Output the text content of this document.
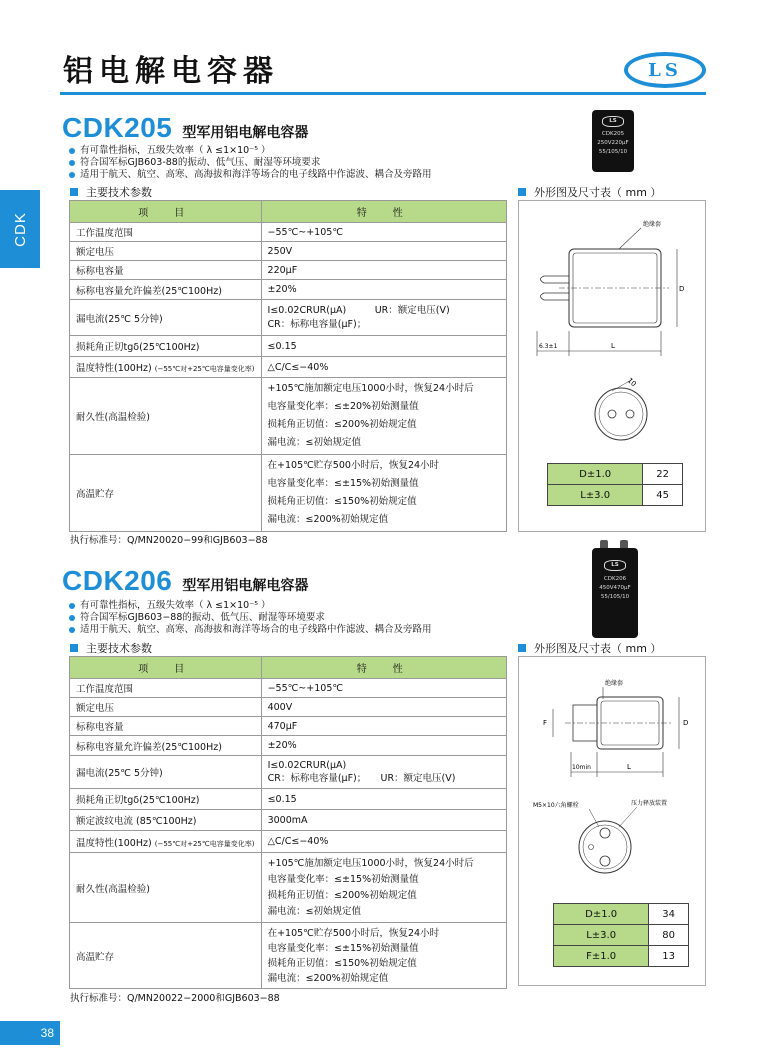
铝电解电容器	LS
CDK
38
CDK205 型军用铝电解电容器
有可靠性指标，五级失效率（ λ ≤1×10⁻⁵ ）
符合国军标GJB603-88的振动、低气压、耐湿等环境要求
适用于航天、航空、高寒、高海拔和海洋等场合的电子线路中作滤波、耦合及旁路用
主要技术参数	外形图及尺寸表（ mm ）
LS
CDK205
250V220μF
55/105/10
项　目	特　性
工作温度范围	−55℃~+105℃
额定电压	250V
标称电容量	220μF
标称电容量允许偏差(25℃100Hz)	±20%
漏电流(25℃ 5分钟)	I≤0.02CRUR(μA)　　　UR：额定电压(V)
CR：标称电容量(μF)；

损耗角正切tgδ(25℃100Hz)	≤0.15
温度特性(100Hz) (−55℃对+25℃电容量变化率)	△C/C≤−40%
耐久性(高温检验)	+105℃施加额定电压1000小时，恢复24小时后
电容量变化率：≤±20%初始测量值
损耗角正切值：≤200%初始规定值
漏电流：≤初始规定值

高温贮存	在+105℃贮存500小时后，恢复24小时
电容量变化率：≤±15%初始测量值
损耗角正切值：≤150%初始规定值
漏电流：≤200%初始规定值
执行标准号：Q/MN20020−99和GJB603−88
绝缘套
D
6.3±1	L
10
D±1.0	22
L±3.0	45
CDK206 型军用铝电解电容器
有可靠性指标，五级失效率（ λ ≤1×10⁻⁵ ）
符合国军标GJB603−88的振动、低气压、耐湿等环境要求
适用于航天、航空、高寒、高海拔和海洋等场合的电子线路中作滤波、耦合及旁路用
主要技术参数	外形图及尺寸表（ mm ）
LS
CDK206
450V470μF
55/105/10
项　目	特　性
工作温度范围	−55℃~+105℃
额定电压	400V
标称电容量	470μF
标称电容量允许偏差(25℃100Hz)	±20%
漏电流(25℃ 5分钟)	I≤0.02CRUR(μA)
CR：标称电容量(μF)；　　UR：额定电压(V)

损耗角正切tgδ(25℃100Hz)	≤0.15
额定波纹电流 (85℃100Hz)	3000mA
温度特性(100Hz) (−55℃对+25℃电容量变化率)	△C/C≤−40%
耐久性(高温检验)	+105℃施加额定电压1000小时，恢复24小时后
电容量变化率：≤±15%初始测量值
损耗角正切值：≤200%初始规定值
漏电流：≤初始规定值

高温贮存	在+105℃贮存500小时后，恢复24小时
电容量变化率：≤±15%初始测量值
损耗角正切值：≤150%初始规定值
漏电流：≤200%初始规定值
执行标准号：Q/MN20022−2000和GJB603−88
绝缘套
D
F
10min	L
M5×10六角螺栓	压力释放装置
D±1.0	34
L±3.0	80
F±1.0	13
